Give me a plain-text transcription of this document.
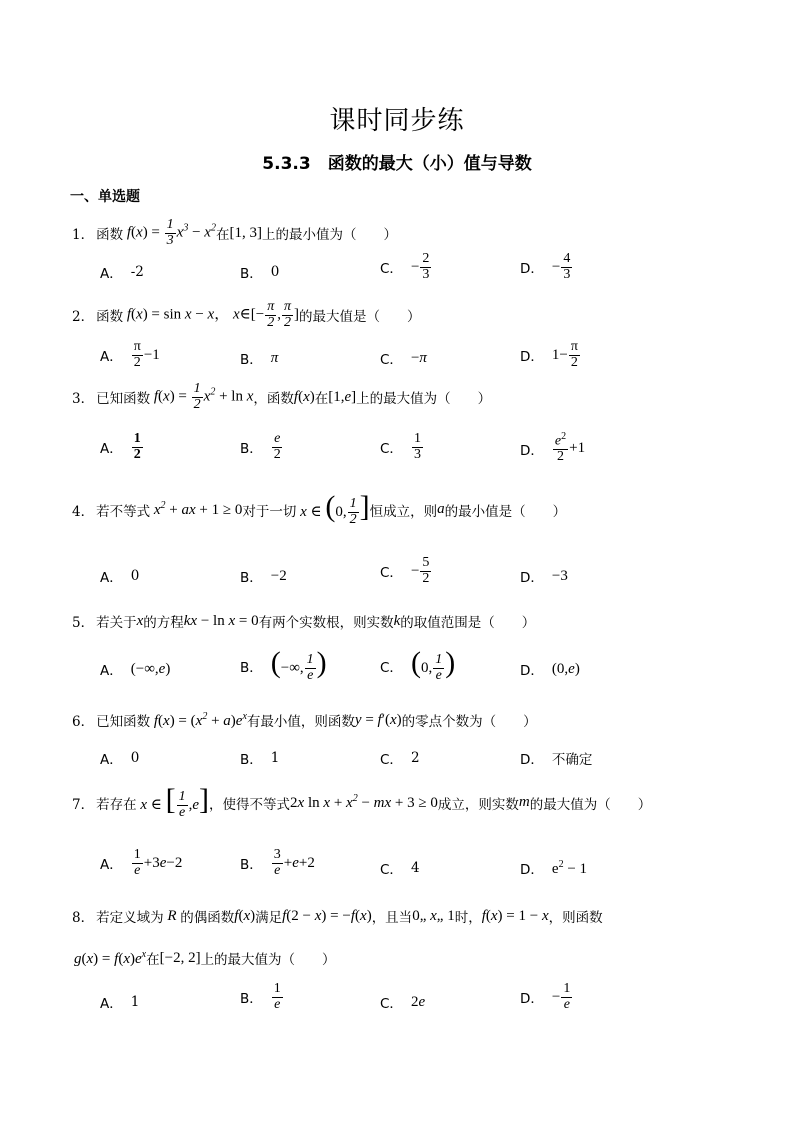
课时同步练
5.3.3　函数的最大（小）值与导数
一、单选题
1． 函数 $f(x) = \frac{1}{3} x^3 - x^2$ 在 [1, 3] 上的最小值为（　　）
A． -2	B． 0	C． − $\frac{2}{3}$	D． − $\frac{4}{3}$
2． 函数 f(x) = sin x − x， x∈[− $\frac{\pi}{2}$ , $\frac{\pi}{2}$ ] 的最大值是（　　）
A． $\frac{\pi}{2} -1$	B． π	C． − π	D． $1- \frac{\pi}{2}$
3． 已知函数 $f(x) = \frac{1}{2} x^2 + \ln x$ ，函数 f(x) 在 [1,e] 上的最大值为（　　）
A． $\frac{1}{2}$	B． $\frac{e}{2}$	C． $\frac{1}{3}$	D． $\frac{e^2}{2} +1$
4． 若不等式 $x^2$ + ax + 1 ≥ 0 对于一切 x ∈ (0, $\frac{1}{2}$ ] 恒成立，则 a 的最小值是（　　）
A． 0	B． −2	C． − $\frac{5}{2}$	D． −3
5． 若关于 x 的方程 kx − ln x = 0 有两个实数根，则实数 k 的取值范围是（　　）
A． (−∞,e)	B． (−∞, $\frac{1}{e}$ )	C． (0, $\frac{1}{e}$ )	D． (0,e)
6． 已知函数 $f(x) = (x^2 + a)e^x$ 有最小值，则函数 y = f′(x) 的零点个数为（　　）
A． 0	B． 1	C． 2	D． 不确定
7． 若存在 x ∈ [ $\frac{1}{e} ,e$] ，使得不等式 2x $\ln x + x^2$ − mx + 3 ≥ 0 成立，则实数 m 的最大值为（　　）
A． $\frac{1}{e} +3e-2$	B． $\frac{3}{e} +e+2$	C． 4	D． $e^2 - 1$
8． 若定义域为 R 的偶函数 f(x) 满足 f(2 − x) = −f(x) ，且当 0„ x„ 1 时， f(x) = 1 − x ，则函数
$g(x) = f(x)e^x$ 在 [−2, 2] 上的最大值为（　　）
A． 1	B． $\frac{1}{e}$	C． 2e	D． − $\frac{1}{e}$
